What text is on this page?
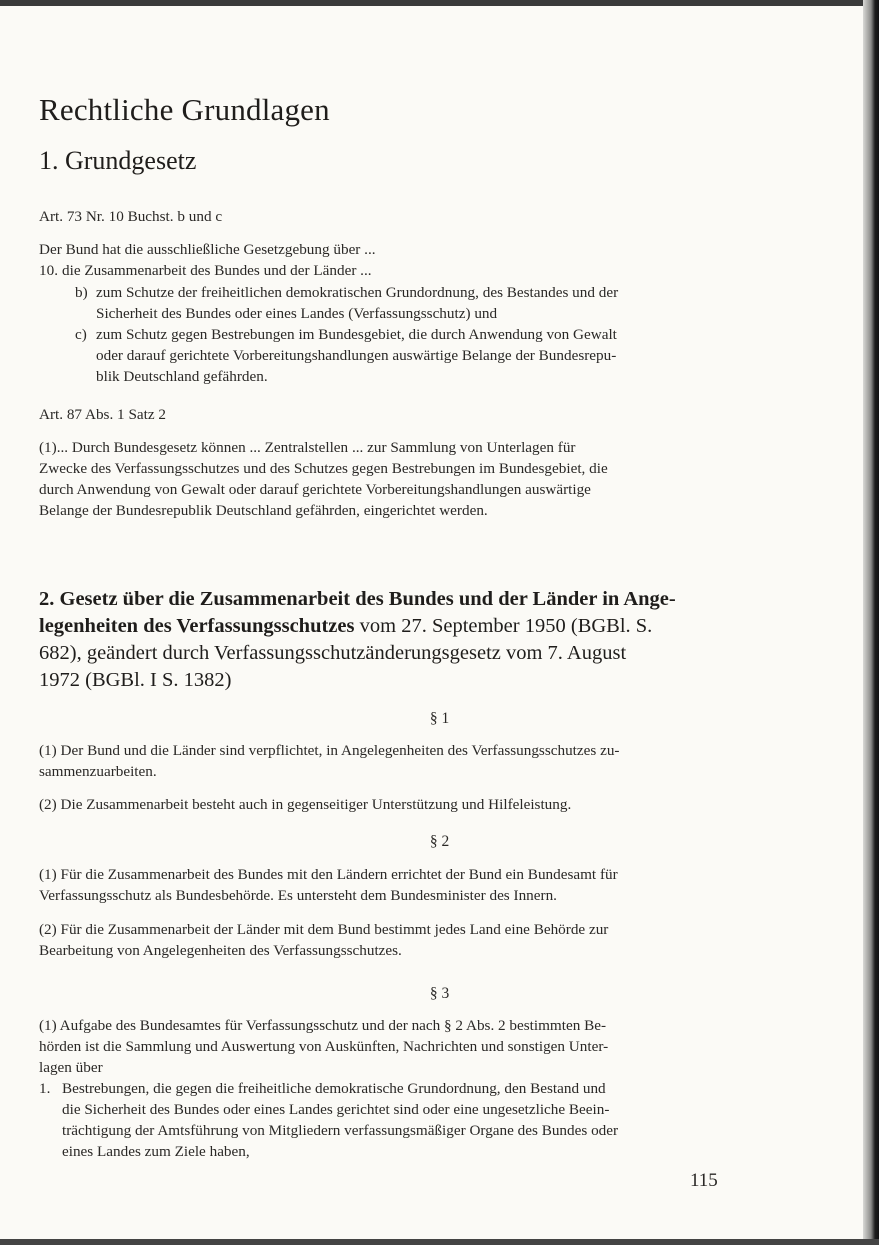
Rechtliche Grundlagen
1. Grundgesetz

Art. 73 Nr. 10 Buchst. b und c

Der Bund hat die ausschließliche Gesetzgebung über ...

10. die Zusammenarbeit des Bundes und der Länder ...

b) zum Schutze der freiheitlichen demokratischen Grundordnung, des Bestandes und der

Sicherheit des Bundes oder eines Landes (Verfassungsschutz) und

c) zum Schutz gegen Bestrebungen im Bundesgebiet, die durch Anwendung von Gewalt

oder darauf gerichtete Vorbereitungshandlungen auswärtige Belange der Bundesrepu-

blik Deutschland gefährden.

Art. 87 Abs. 1 Satz 2

(1)... Durch Bundesgesetz können ... Zentralstellen ... zur Sammlung von Unterlagen für

Zwecke des Verfassungsschutzes und des Schutzes gegen Bestrebungen im Bundesgebiet, die

durch Anwendung von Gewalt oder darauf gerichtete Vorbereitungshandlungen auswärtige

Belange der Bundesrepublik Deutschland gefährden, eingerichtet werden.

2. Gesetz über die Zusammenarbeit des Bundes und der Länder in Ange-
legenheiten des Verfassungsschutzes vom 27. September 1950 (BGBl. S.
682), geändert durch Verfassungsschutzänderungsgesetz vom 7. August
1972 (BGBl. I S. 1382)

§ 1

(1) Der Bund und die Länder sind verpflichtet, in Angelegenheiten des Verfassungsschutzes zu-

sammenzuarbeiten.

(2) Die Zusammenarbeit besteht auch in gegenseitiger Unterstützung und Hilfeleistung.

§ 2

(1) Für die Zusammenarbeit des Bundes mit den Ländern errichtet der Bund ein Bundesamt für

Verfassungsschutz als Bundesbehörde. Es untersteht dem Bundesminister des Innern.

(2) Für die Zusammenarbeit der Länder mit dem Bund bestimmt jedes Land eine Behörde zur

Bearbeitung von Angelegenheiten des Verfassungsschutzes.

§ 3

(1) Aufgabe des Bundesamtes für Verfassungsschutz und der nach § 2 Abs. 2 bestimmten Be-

hörden ist die Sammlung und Auswertung von Auskünften, Nachrichten und sonstigen Unter-

lagen über

1. Bestrebungen, die gegen die freiheitliche demokratische Grundordnung, den Bestand und

die Sicherheit des Bundes oder eines Landes gerichtet sind oder eine ungesetzliche Beein-

trächtigung der Amtsführung von Mitgliedern verfassungsmäßiger Organe des Bundes oder

eines Landes zum Ziele haben,

115
